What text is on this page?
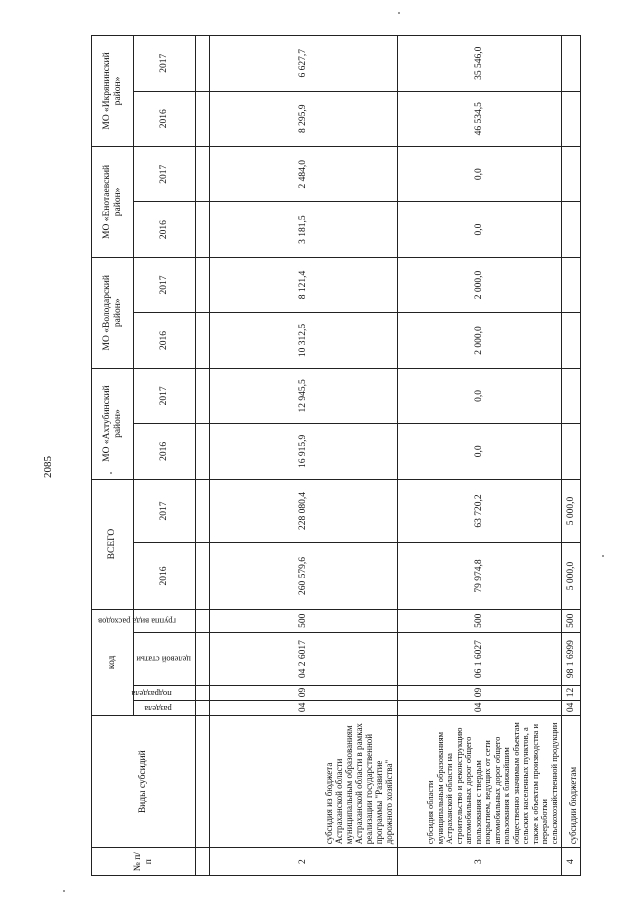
2085
№ п/п	Виды субсидий	код				ВСЕГО		МО «Ахтубинский район»		МО «Володарский район»		МО «Енотаевский район»		МО «Икрянинский район»	

		раздела	подраздела	целевой статьи	группа вида расходов	2016	2017	2016	2017	2016	2017	2016	2017	2016	2017

2	субсидия из бюджета Астраханской области муниципальным образованиям Астраханской области в рамках реализации государственной программы "Развитие дорожного хозяйства"	04	09	04 2 6017	500	260 579,6	228 080,4	16 915,9	12 945,5	10 312,5	8 121,4	3 181,5	2 484,0	8 295,9	6 627,7
3	субсидия области муниципальным образованиям Астраханской области на строительство и реконструкцию автомобильных дорог общего пользования с твердым покрытием, ведущих от сети автомобильных дорог общего пользования к ближайшим общественно значимым объектам сельских населенных пунктов, а также к объектам производства и переработки сельскохозяйственной продукции	04	09	06 1 6027	500	79 974,8	63 720,2	0,0	0,0	2 000,0	2 000,0	0,0	0,0	46 534,5	35 546,0
4	субсидии бюджетам	04	12	98 1 6999	500	5 000,0	5 000,0								
